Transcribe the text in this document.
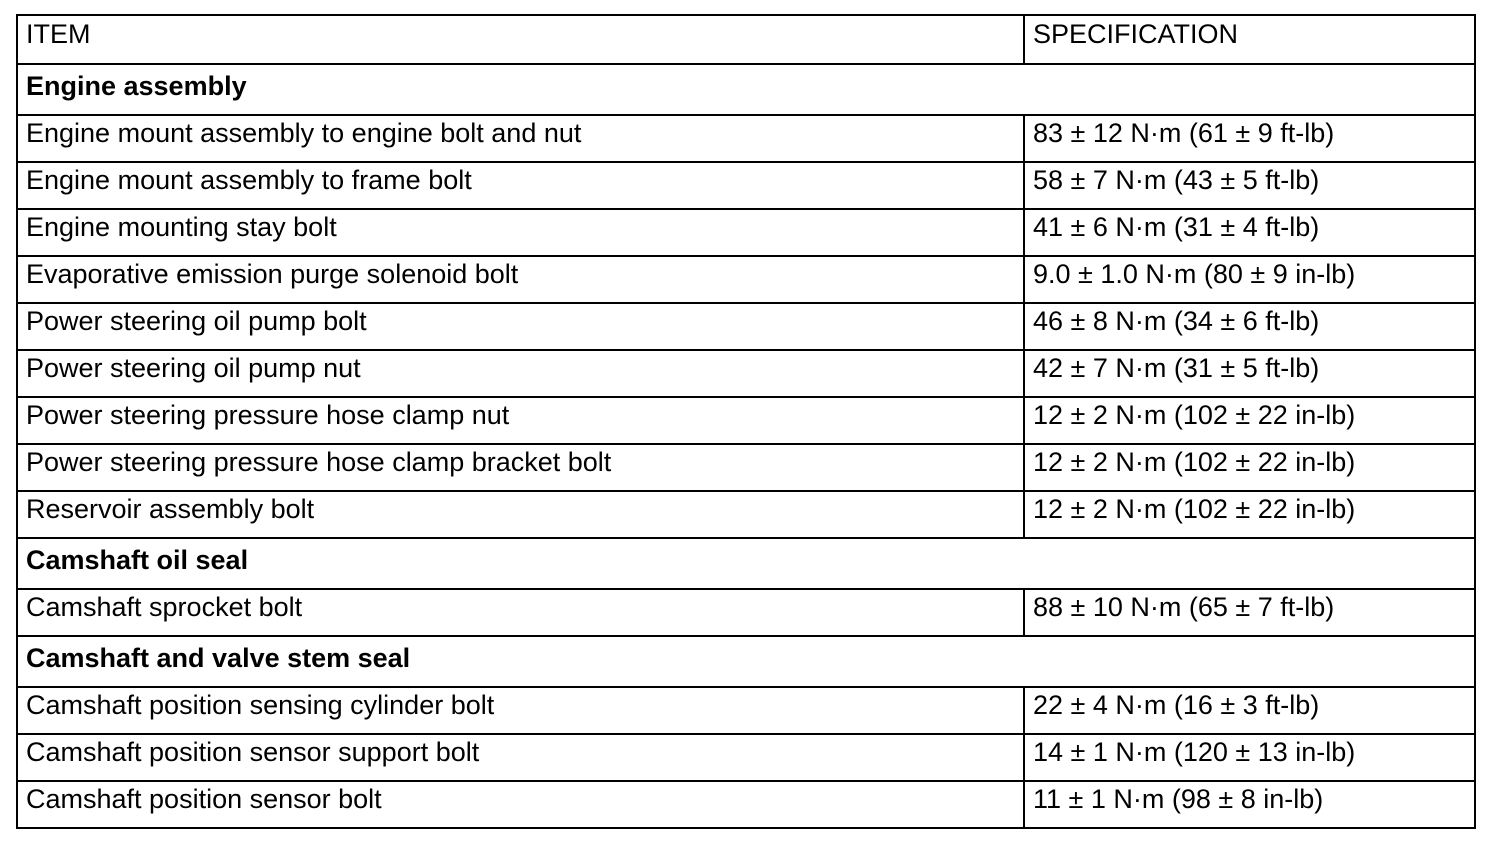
ITEM	SPECIFICATION
Engine assembly	
Engine mount assembly to engine bolt and nut	83 ± 12 N·m (61 ± 9 ft-lb)
Engine mount assembly to frame bolt	58 ± 7 N·m (43 ± 5 ft-lb)
Engine mounting stay bolt	41 ± 6 N·m (31 ± 4 ft-lb)
Evaporative emission purge solenoid bolt	9.0 ± 1.0 N·m (80 ± 9 in-lb)
Power steering oil pump bolt	46 ± 8 N·m (34 ± 6 ft-lb)
Power steering oil pump nut	42 ± 7 N·m (31 ± 5 ft-lb)
Power steering pressure hose clamp nut	12 ± 2 N·m (102 ± 22 in-lb)
Power steering pressure hose clamp bracket bolt	12 ± 2 N·m (102 ± 22 in-lb)
Reservoir assembly bolt	12 ± 2 N·m (102 ± 22 in-lb)
Camshaft oil seal	
Camshaft sprocket bolt	88 ± 10 N·m (65 ± 7 ft-lb)
Camshaft and valve stem seal	
Camshaft position sensing cylinder bolt	22 ± 4 N·m (16 ± 3 ft-lb)
Camshaft position sensor support bolt	14 ± 1 N·m (120 ± 13 in-lb)
Camshaft position sensor bolt	11 ± 1 N·m (98 ± 8 in-lb)
